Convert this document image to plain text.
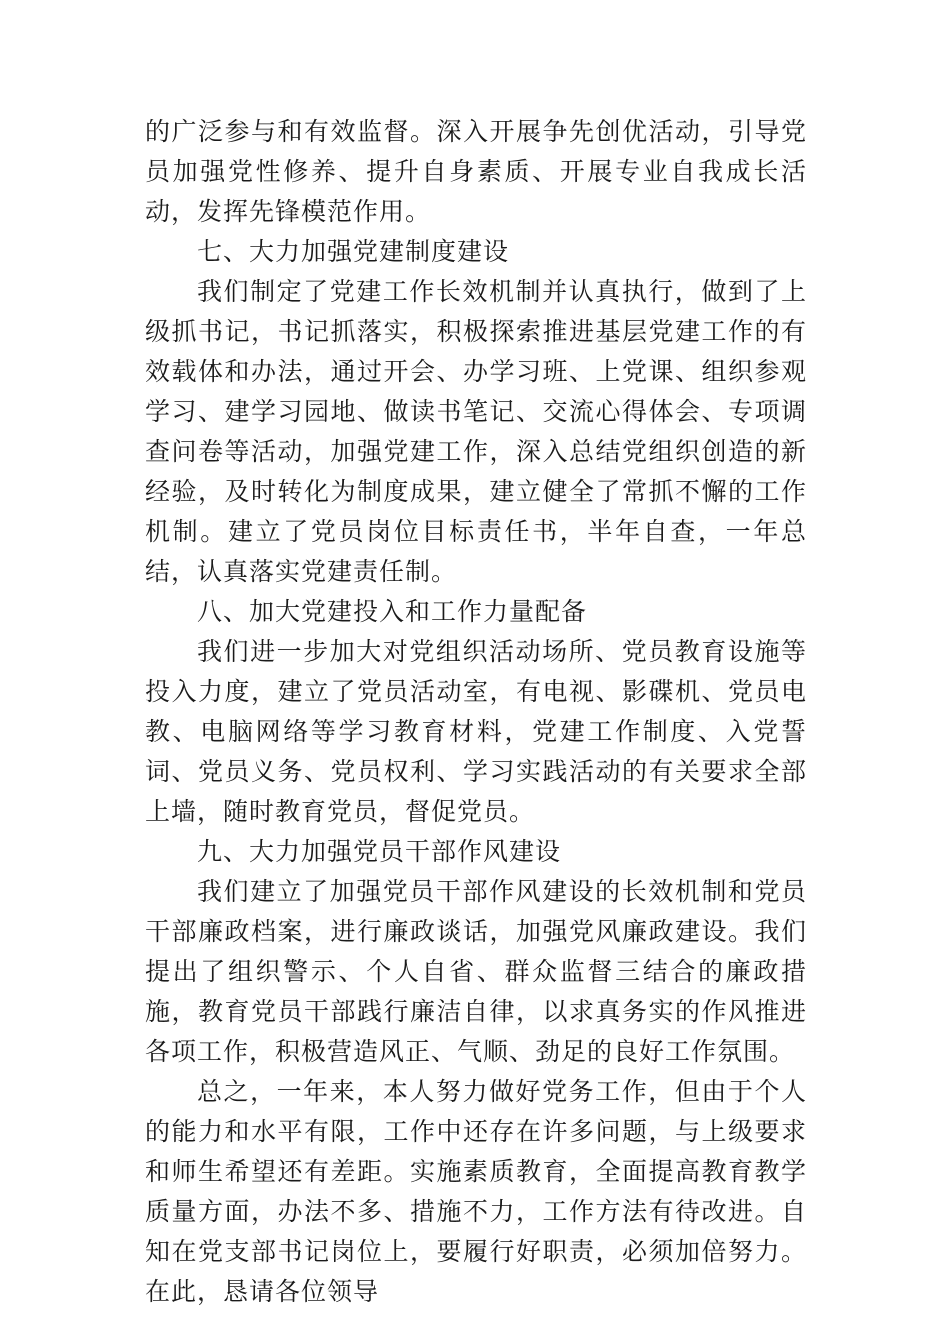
的广泛参与和有效监督。深入开展争先创优活动，引导党员加强党性修养、提升自身素质、开展专业自我成长活动，发挥先锋模范作用。

七、大力加强党建制度建设

我们制定了党建工作长效机制并认真执行，做到了上级抓书记，书记抓落实，积极探索推进基层党建工作的有效载体和办法，通过开会、办学习班、上党课、组织参观学习、建学习园地、做读书笔记、交流心得体会、专项调查问卷等活动，加强党建工作，深入总结党组织创造的新经验，及时转化为制度成果，建立健全了常抓不懈的工作机制。建立了党员岗位目标责任书，半年自查，一年总结，认真落实党建责任制。

八、加大党建投入和工作力量配备

我们进一步加大对党组织活动场所、党员教育设施等投入力度，建立了党员活动室，有电视、影碟机、党员电教、电脑网络等学习教育材料，党建工作制度、入党誓词、党员义务、党员权利、学习实践活动的有关要求全部上墙，随时教育党员，督促党员。

九、大力加强党员干部作风建设

我们建立了加强党员干部作风建设的长效机制和党员干部廉政档案，进行廉政谈话，加强党风廉政建设。我们提出了组织警示、个人自省、群众监督三结合的廉政措施，教育党员干部践行廉洁自律，以求真务实的作风推进各项工作，积极营造风正、气顺、劲足的良好工作氛围。

总之，一年来，本人努力做好党务工作，但由于个人的能力和水平有限，工作中还存在许多问题，与上级要求和师生希望还有差距。实施素质教育，全面提高教育教学质量方面，办法不多、措施不力，工作方法有待改进。自知在党支部书记岗位上，要履行好职责，必须加倍努力。在此，恳请各位领导
